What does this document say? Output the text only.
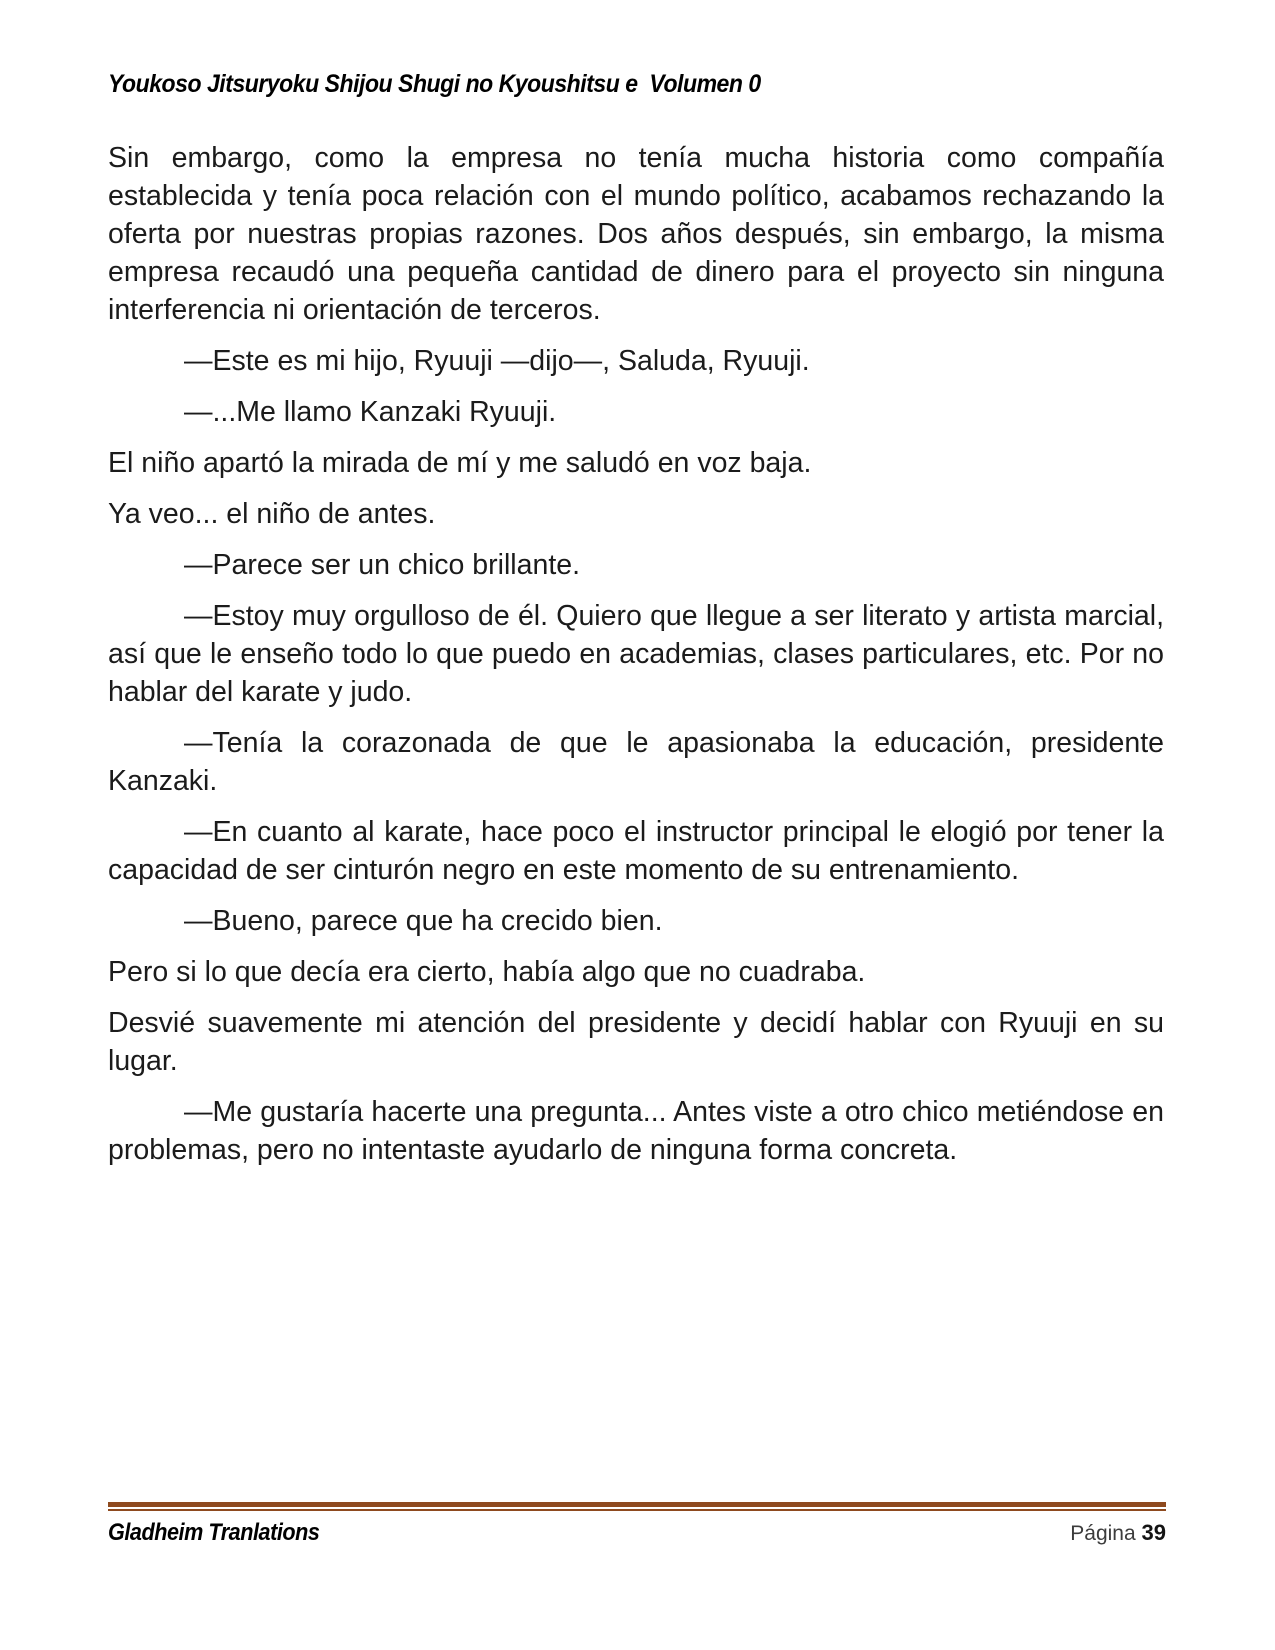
Youkoso Jitsuryoku Shijou Shugi no Kyoushitsu e  Volumen 0

Sin embargo, como la empresa no tenía mucha historia como compañía establecida y tenía poca relación con el mundo político, acabamos rechazando la oferta por nuestras propias razones. Dos años después, sin embargo, la misma empresa recaudó una pequeña cantidad de dinero para el proyecto sin ninguna interferencia ni orientación de terceros.

—Este es mi hijo, Ryuuji —dijo—, Saluda, Ryuuji.

—...Me llamo Kanzaki Ryuuji.

El niño apartó la mirada de mí y me saludó en voz baja.

Ya veo... el niño de antes.

—Parece ser un chico brillante.

—Estoy muy orgulloso de él. Quiero que llegue a ser literato y artista marcial, así que le enseño todo lo que puedo en academias, clases particulares, etc. Por no hablar del karate y judo.

—Tenía la corazonada de que le apasionaba la educación, presidente Kanzaki.

—En cuanto al karate, hace poco el instructor principal le elogió por tener la capacidad de ser cinturón negro en este momento de su entrenamiento.

—Bueno, parece que ha crecido bien.

Pero si lo que decía era cierto, había algo que no cuadraba.

Desvié suavemente mi atención del presidente y decidí hablar con Ryuuji en su lugar.

—Me gustaría hacerte una pregunta... Antes viste a otro chico metiéndose en problemas, pero no intentaste ayudarlo de ninguna forma concreta.

Gladheim Tranlations	Página 39
